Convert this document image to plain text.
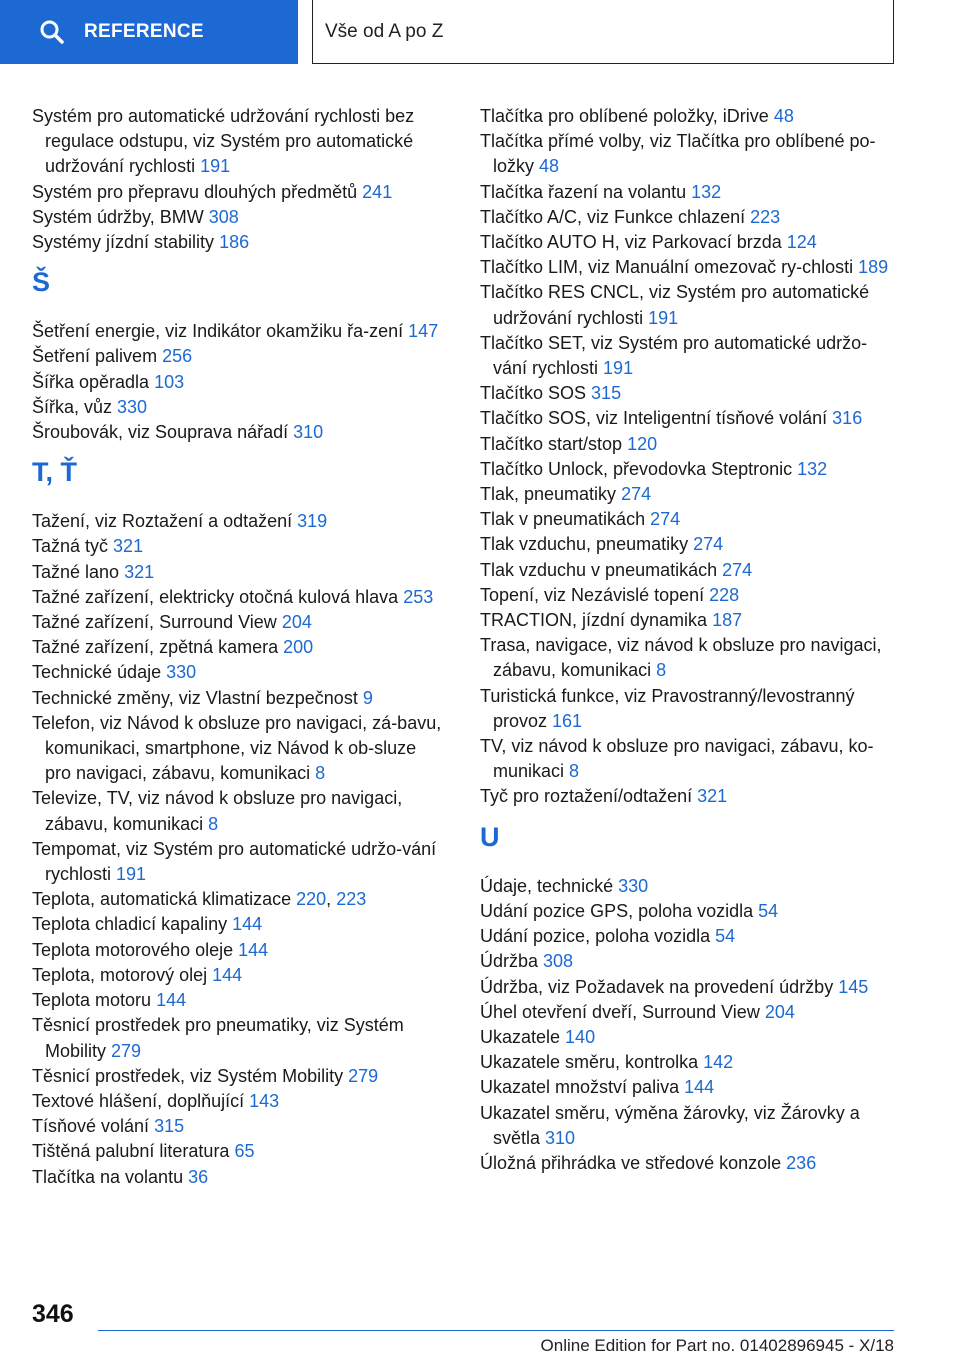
REFERENCE	Vše od A po Z
Systém pro automatické udržování rychlosti bez regulace odstupu, viz Systém pro automatické udržování rychlosti 191
Systém pro přepravu dlouhých předmětů 241
Systém údržby, BMW 308
Systémy jízdní stability 186
Š
Šetření energie, viz Indikátor okamžiku řa-zení 147
Šetření palivem 256
Šířka opěradla 103
Šířka, vůz 330
Šroubovák, viz Souprava nářadí 310
T, Ť
Tažení, viz Roztažení a odtažení 319
Tažná tyč 321
Tažné lano 321
Tažné zařízení, elektricky otočná kulová hlava 253
Tažné zařízení, Surround View 204
Tažné zařízení, zpětná kamera 200
Technické údaje 330
Technické změny, viz Vlastní bezpečnost 9
Telefon, viz Návod k obsluze pro navigaci, zá-bavu, komunikaci, smartphone, viz Návod k ob-sluze pro navigaci, zábavu, komunikaci 8
Televize, TV, viz návod k obsluze pro navigaci, zábavu, komunikaci 8
Tempomat, viz Systém pro automatické udržo-vání rychlosti 191
Teplota, automatická klimatizace 220, 223
Teplota chladicí kapaliny 144
Teplota motorového oleje 144
Teplota, motorový olej 144
Teplota motoru 144
Těsnicí prostředek pro pneumatiky, viz Systém Mobility 279
Těsnicí prostředek, viz Systém Mobility 279
Textové hlášení, doplňující 143
Tísňové volání 315
Tištěná palubní literatura 65
Tlačítka na volantu 36
Tlačítka pro oblíbené položky, iDrive 48
Tlačítka přímé volby, viz Tlačítka pro oblíbené po-ložky 48
Tlačítka řazení na volantu 132
Tlačítko A/C, viz Funkce chlazení 223
Tlačítko AUTO H, viz Parkovací brzda 124
Tlačítko LIM, viz Manuální omezovač ry-chlosti 189
Tlačítko RES CNCL, viz Systém pro automatické udržování rychlosti 191
Tlačítko SET, viz Systém pro automatické udržo-vání rychlosti 191
Tlačítko SOS 315
Tlačítko SOS, viz Inteligentní tísňové volání 316
Tlačítko start/stop 120
Tlačítko Unlock, převodovka Steptronic 132
Tlak, pneumatiky 274
Tlak v pneumatikách 274
Tlak vzduchu, pneumatiky 274
Tlak vzduchu v pneumatikách 274
Topení, viz Nezávislé topení 228
TRACTION, jízdní dynamika 187
Trasa, navigace, viz návod k obsluze pro navigaci, zábavu, komunikaci 8
Turistická funkce, viz Pravostranný/levostranný provoz 161
TV, viz návod k obsluze pro navigaci, zábavu, ko-munikaci 8
Tyč pro roztažení/odtažení 321
U
Údaje, technické 330
Udání pozice GPS, poloha vozidla 54
Udání pozice, poloha vozidla 54
Údržba 308
Údržba, viz Požadavek na provedení údržby 145
Úhel otevření dveří, Surround View 204
Ukazatele 140
Ukazatele směru, kontrolka 142
Ukazatel množství paliva 144
Ukazatel směru, výměna žárovky, viz Žárovky a světla 310
Úložná přihrádka ve středové konzole 236
346
Online Edition for Part no. 01402896945 - X/18
